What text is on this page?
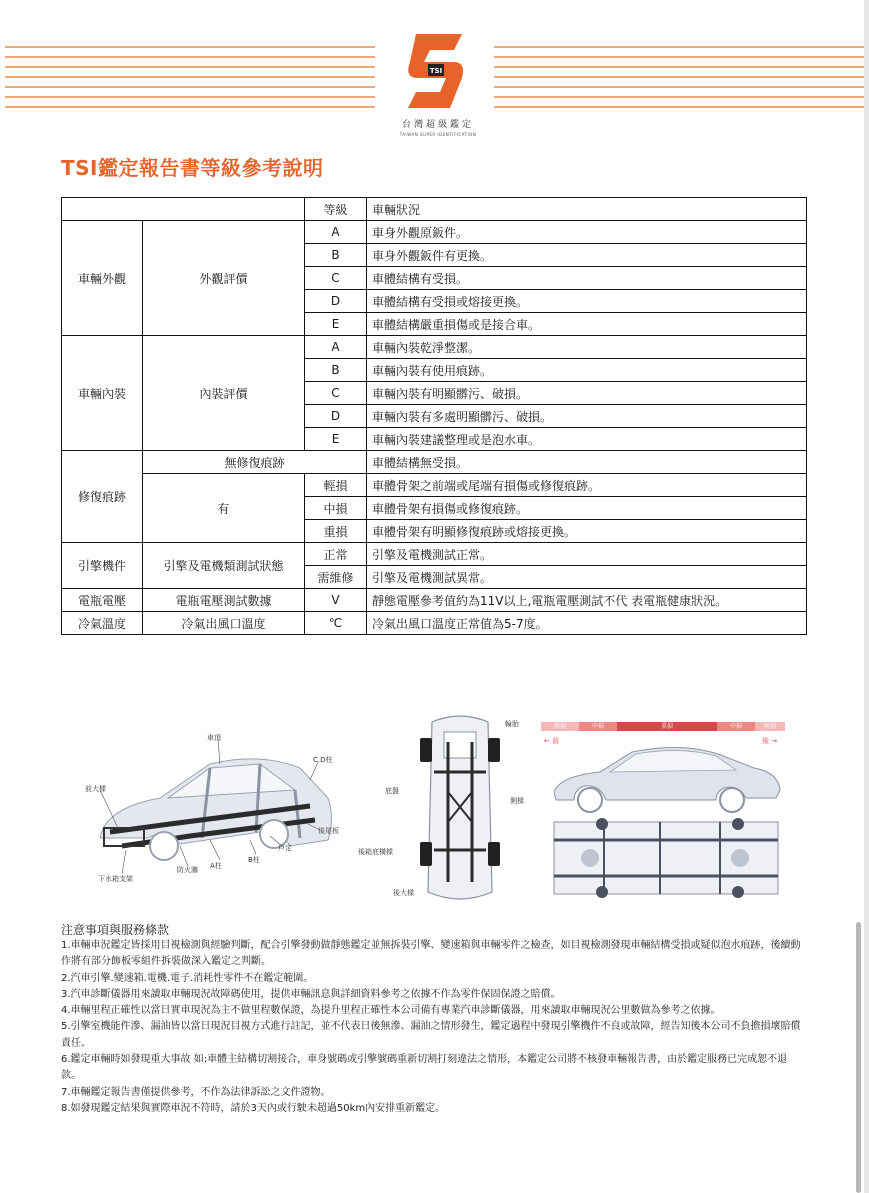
TSI
台灣超級鑑定
TAIWAN SUPER IDENTIFICATION
TSI鑑定報告書等級參考說明
		等級	車輛狀況
車輛外觀	外觀評價	A	車身外觀原鈑件。
		B	車身外觀鈑件有更換。
		C	車體結構有受損。
		D	車體結構有受損或熔接更換。
		E	車體結構嚴重損傷或是接合車。
車輛內裝	內裝評價	A	車輛內裝乾淨整潔。
		B	車輛內裝有使用痕跡。
		C	車輛內裝有明顯髒污、破損。
		D	車輛內裝有多處明顯髒污、破損。
		E	車輛內裝建議整理或是泡水車。
修復痕跡	無修復痕跡		車體結構無受損。
	有	輕損	車體骨架之前端或尾端有損傷或修復痕跡。
		中損	車體骨架有損傷或修復痕跡。
		重損	車體骨架有明顯修復痕跡或熔接更換。
引擎機件	引擎及電機類測試狀態	正常	引擎及電機測試正常。
		需維修	引擎及電機測試異常。
電瓶電壓	電瓶電壓測試數據	V	靜態電壓參考值約為11V以上,電瓶電壓測試不代 表電瓶健康狀況。
冷氣溫度	冷氣出風口溫度	℃	冷氣出風口溫度正常值為5-7度。
車頂
C.D柱
前大樑
後尾板
戶定
B柱
A柱
防火牆
下水箱支架
輪胎
底盤
側樑
後箱底橫樑
後大樑
輕損	中損	重損	中損	輕損
← 前	後 →
注意事項與服務條款

1.車輛車況鑑定皆採用目視檢測與經驗判斷，配合引擎發動做靜態鑑定並無拆裝引擎、變速箱與車輛零件之檢查，如目視檢測發現車輛結構受損或疑似泡水痕跡，後續動作將有部分飾板零組件拆裝做深入鑑定之判斷。

2.汽車引擎.變速箱.電機.電子.消耗性零件不在鑑定範圍。

3.汽車診斷儀器用來讀取車輛現況故障碼使用，提供車輛訊息與詳細資料參考之依據不作為零件保固保證之賠償。

4.車輛里程正確性以當日實車現況為主不做里程數保證，為提升里程正確性本公司備有專業汽車診斷儀器，用來讀取車輛現況公里數做為參考之依據。

5.引擎室機能件滲、漏油皆以當日現況目視方式進行註記，並不代表日後無滲、漏油之情形發生，鑑定過程中發現引擎機件不良或故障，經告知後本公司不負擔損壞賠償責任。

6.鑑定車輛時如發現重大事故 如:車體主結構切割接合，車身號碼或引擎號碼重新切割打刻違法之情形，本鑑定公司將不核發車輛報告書，由於鑑定服務已完成恕不退款。

7.車輛鑑定報告書僅提供參考，不作為法律訴訟之文件證物。

8.如發現鑑定結果與實際車況不符時，請於3天內或行駛未超過50km內安排重新鑑定。
